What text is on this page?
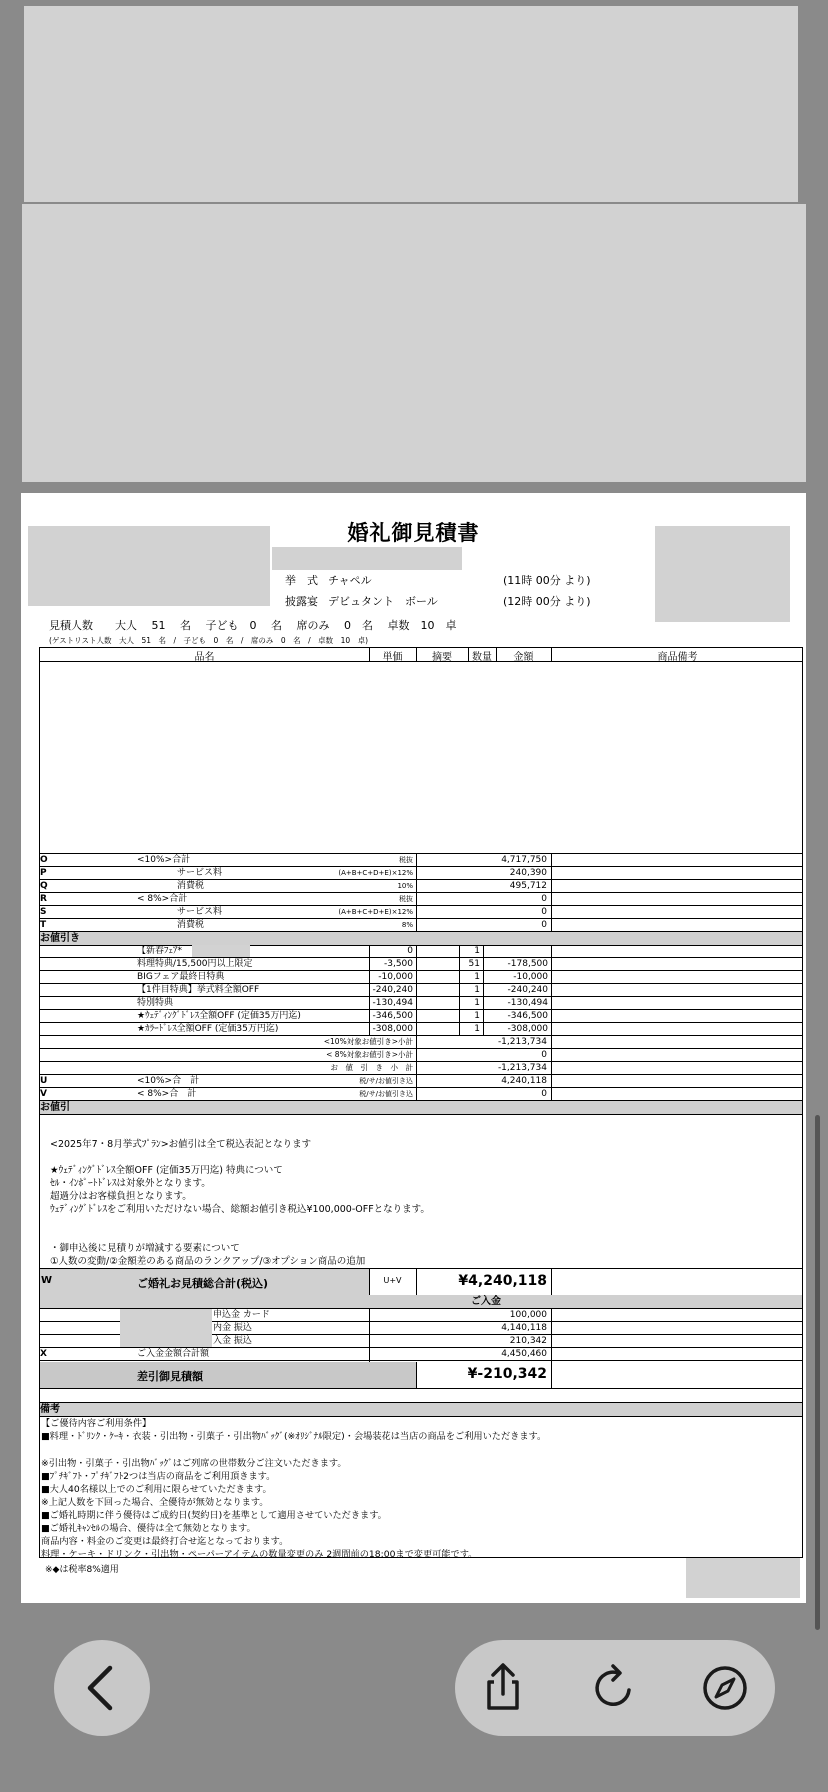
婚礼御見積書
挙　式 チャペル	(11時 00分 より)
披露宴 デビュタント　ボール	(12時 00分 より)
見積人数　　大人　 51　 名　 子ども　0　 名　 席のみ　 0　名　 卓数　10　卓
(ゲストリスト人数　大人　51　名　/　子ども　0　名　/　席のみ　0　名　/　卓数　10　卓)
品名	単価	摘要	数量	金額	商品備考
O	<10%>合計	税抜	4,717,750
P	サービス料	(A+B+C+D+E)×12%	240,390
Q	消費税	10%	495,712
R	< 8%>合計	税抜	0
S	サービス料	(A+B+C+D+E)×12%	0
T	消費税	8%	0
お値引き
【新春ﾌｪｱ*	0	1
料理特典/15,500円以上限定	-3,500	51	-178,500
BIGフェア最終日特典	-10,000	1	-10,000
【1件目特典】挙式料全額OFF	-240,240	1	-240,240
特別特典	-130,494	1	-130,494
★ｳｪﾃﾞｨﾝｸﾞﾄﾞﾚｽ全額OFF (定価35万円迄)	-346,500	1	-346,500
★ｶﾗｰﾄﾞﾚｽ全額OFF (定価35万円迄)	-308,000	1	-308,000
<10%対象お値引き>小計	-1,213,734
< 8%対象お値引き>小計	0
お　値　引　き　小　計	-1,213,734
U	<10%>合　計	税/サ/お値引き込	4,240,118
V	< 8%>合　計	税/サ/お値引き込	0
お値引
<2025年7・8月挙式ﾌﾟﾗﾝ>お値引は全て税込表記となります
★ｳｪﾃﾞｨﾝｸﾞﾄﾞﾚｽ全額OFF (定価35万円迄) 特典について
ｾﾙ・ｲﾝﾎﾟｰﾄﾄﾞﾚｽは対象外となります。
超過分はお客様負担となります。
ｳｪﾃﾞｨﾝｸﾞﾄﾞﾚｽをご利用いただけない場合、総額お値引き税込¥100,000-OFFとなります。
・御申込後に見積りが増減する要素について
①人数の変動/②金額差のある商品のランクアップ/③オプション商品の追加
W	ご婚礼お見積総合計(税込)	U+V	¥4,240,118
ご入金
申込金 カード	100,000
内金 振込	4,140,118
入金 振込	210,342
X	ご入金金額合計額	4,450,460
差引御見積額	¥-210,342
備考
【ご優待内容ご利用条件】
■料理・ﾄﾞﾘﾝｸ・ｹｰｷ・衣装・引出物・引菓子・引出物ﾊﾞｯｸﾞ(※ｵﾘｼﾞﾅﾙ限定)・会場装花は当店の商品をご利用いただきます。
※引出物・引菓子・引出物ﾊﾞｯｸﾞはご列席の世帯数分ご注文いただきます。
■ﾌﾟﾁｷﾞﾌﾄ・ﾌﾟﾁｷﾞﾌﾄ2つは当店の商品をご利用頂きます。
■大人40名様以上でのご利用に限らせていただきます。
※上記人数を下回った場合、全優待が無効となります。
■ご婚礼時期に伴う優待はご成約日(契約日)を基準として適用させていただきます。
■ご婚礼ｷｬﾝｾﾙの場合、優待は全て無効となります。
商品内容・料金のご変更は最終打合せ迄となっております。
料理・ケーキ・ドリンク・引出物・ペーパーアイテムの数量変更のみ 2週間前の18:00まで変更可能です。
※◆は税率8%適用
